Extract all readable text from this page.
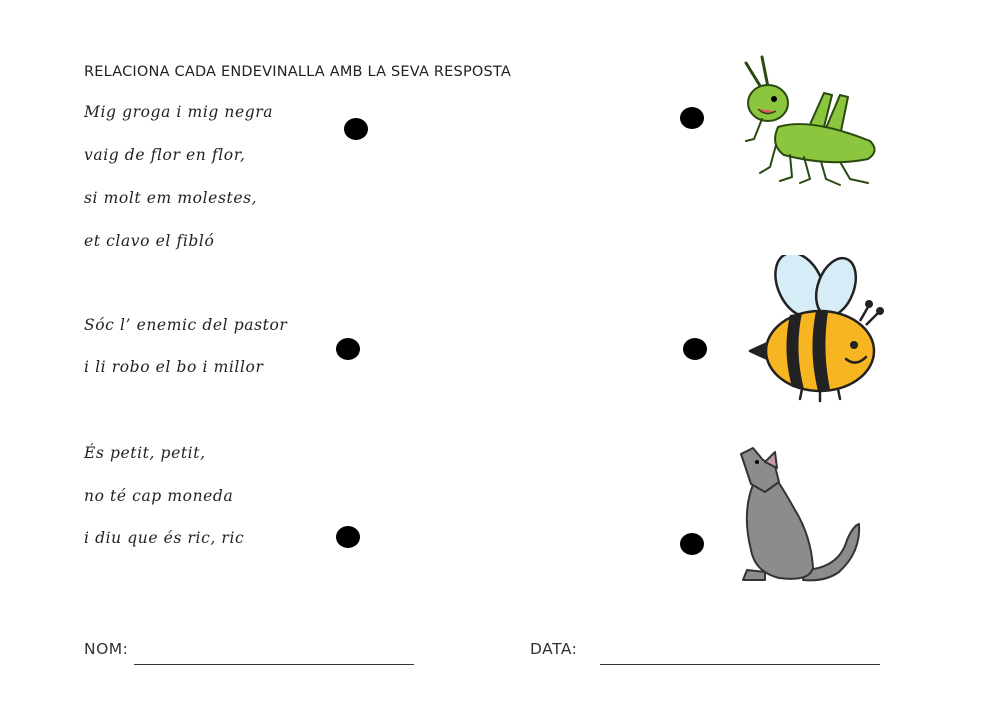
RELACIONA CADA ENDEVINALLA AMB LA SEVA RESPOSTA
Mig groga i mig negra
vaig de flor en flor,
si molt em molestes,
et clavo el fibló
Sóc l’ enemic del pastor
i li robo el bo i millor
És petit, petit,
no té cap moneda
i diu que és ric, ric
NOM:	DATA:
